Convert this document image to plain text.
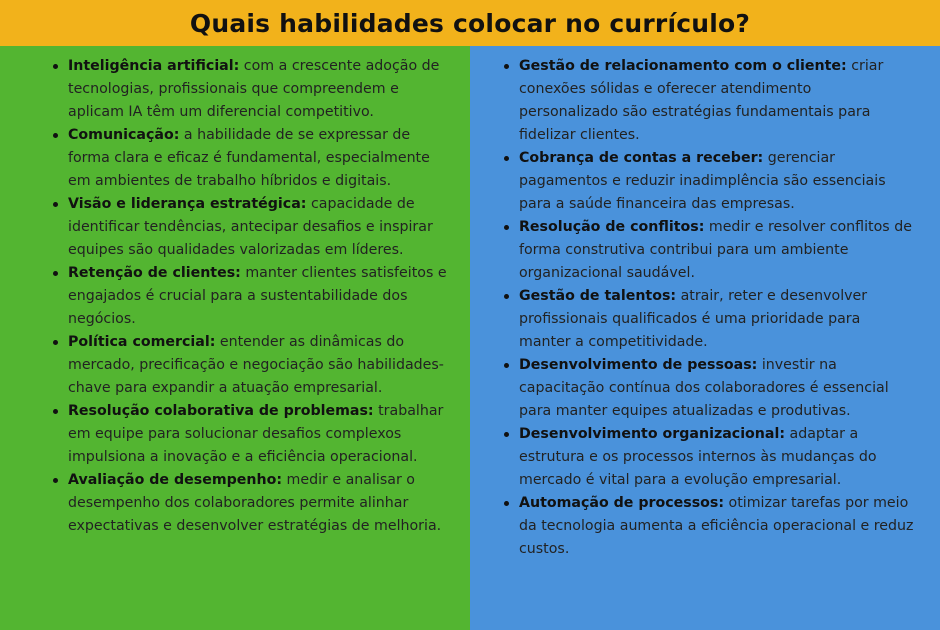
Quais habilidades colocar no currículo?
Inteligência artificial: com a crescente adoção de tecnologias, profissionais que compreendem e aplicam IA têm um diferencial competitivo.
Comunicação: a habilidade de se expressar de forma clara e eficaz é fundamental, especialmente em ambientes de trabalho híbridos e digitais.
Visão e liderança estratégica: capacidade de identificar tendências, antecipar desafios e inspirar equipes são qualidades valorizadas em líderes.
Retenção de clientes: manter clientes satisfeitos e engajados é crucial para a sustentabilidade dos negócios.
Política comercial: entender as dinâmicas do mercado, precificação e negociação são habilidades-chave para expandir a atuação empresarial.
Resolução colaborativa de problemas: trabalhar em equipe para solucionar desafios complexos impulsiona a inovação e a eficiência operacional.
Avaliação de desempenho: medir e analisar o desempenho dos colaboradores permite alinhar expectativas e desenvolver estratégias de melhoria.
Gestão de relacionamento com o cliente: criar conexões sólidas e oferecer atendimento personalizado são estratégias fundamentais para fidelizar clientes.
Cobrança de contas a receber: gerenciar pagamentos e reduzir inadimplência são essenciais para a saúde financeira das empresas.
Resolução de conflitos: medir e resolver conflitos de forma construtiva contribui para um ambiente organizacional saudável.
Gestão de talentos: atrair, reter e desenvolver profissionais qualificados é uma prioridade para manter a competitividade.
Desenvolvimento de pessoas: investir na capacitação contínua dos colaboradores é essencial para manter equipes atualizadas e produtivas.
Desenvolvimento organizacional: adaptar a estrutura e os processos internos às mudanças do mercado é vital para a evolução empresarial.
Automação de processos: otimizar tarefas por meio da tecnologia aumenta a eficiência operacional e reduz custos.
